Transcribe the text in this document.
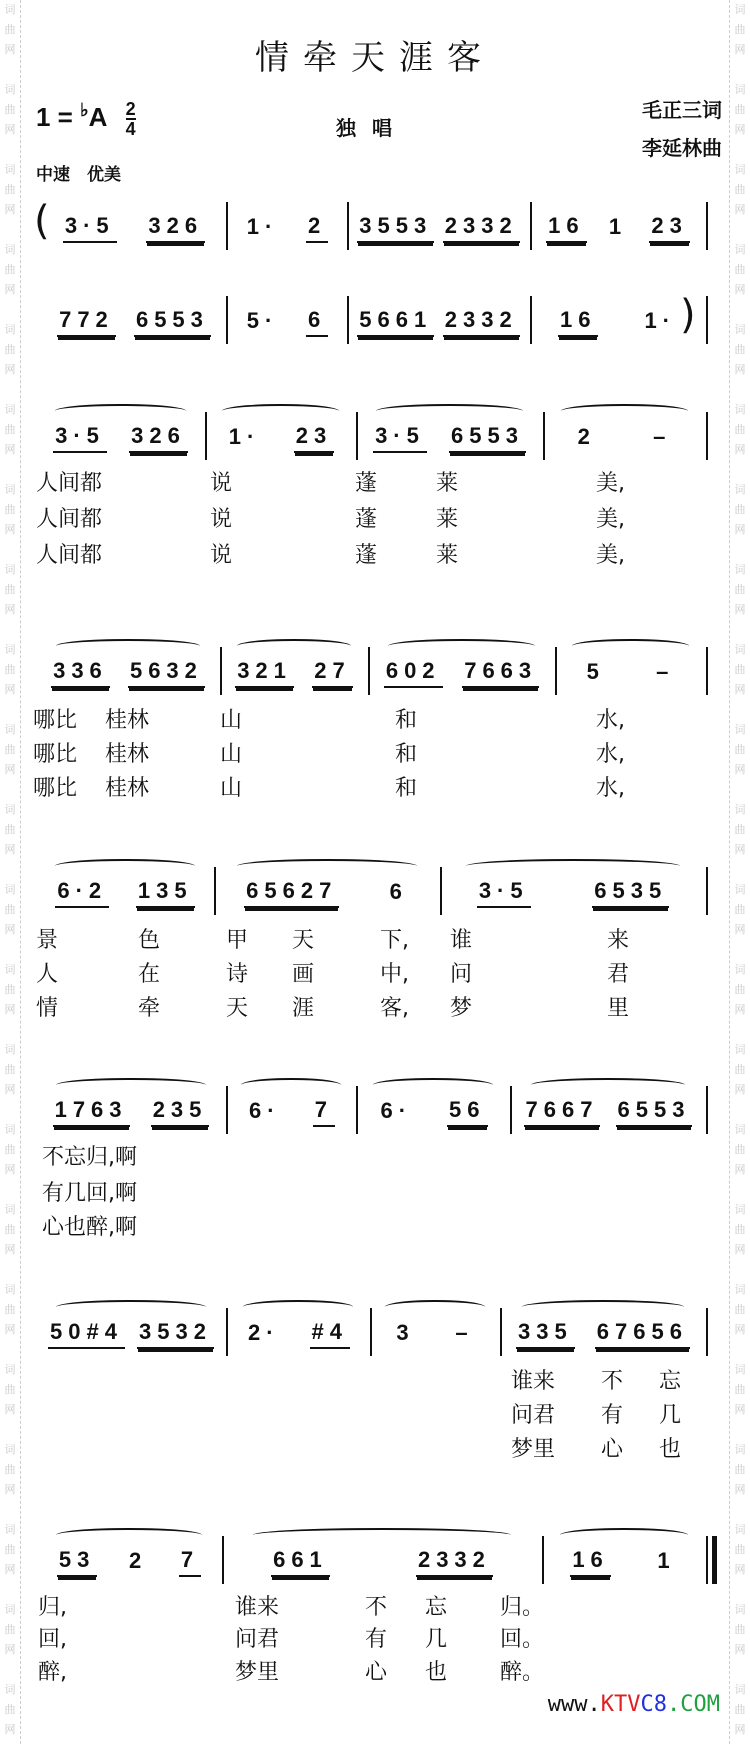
词
曲
网
词
曲
网
词
曲
网
词
曲
网
词
曲
网
词
曲
网
词
曲
网
词
曲
网
词
曲
网
词
曲
网
词
曲
网
词
曲
网
词
曲
网
词
曲
网
词
曲
网
词
曲
网
词
曲
网
词
曲
网
词
曲
网
词
曲
网
词
曲
网
词
曲
网
词
曲
网
词
曲
网
词
曲
网
词
曲
网
词
曲
网
词
曲
网
词
曲
网
词
曲
网
词
曲
网
词
曲
网
词
曲
网
词
曲
网
词
曲
网
词
曲
网
词
曲
网
词
曲
网
词
曲
网
词
曲
网
词
曲
网
词
曲
网
词
曲
网
词
曲
网
情牵天涯客
$1 = ^♭A \frac{2}{4}$	独唱
毛正三词
李延林曲
中速　优美
3·5 326 1· 2 3553 2332 16 1 23
(
772 6553 5· 6 5661 2332 16 1· )
3·5 326 1· 23 3·5 6553 2	–
人间都	说	蓬	莱	美,
人间都	说	蓬	莱	美,
人间都	说	蓬	莱	美,
336 5632 321 27 602 7663 5 –
哪比 桂林	山	和	水,
哪比 桂林	山	和	水,
哪比 桂林	山	和	水,
6·2 135 65627 6	3·5	6535
景	色	甲 天	下, 谁	来
人	在	诗 画	中, 问	君
情	牵	天 涯	客, 梦	里
1763 235 6· 7 6· 56 7667 6553
不忘归,啊
有几回,啊
心也醉,啊
50#4 3532 2· #4 3 – 335 67656
谁来 不 忘
问君 有 几
梦里 心 也
53 2 7	661	2332	16 1
归,	谁来	不 忘 归。
回,	问君	有 几 回。
醉,	梦里	心 也 醉。
www.KTVC8.COM
